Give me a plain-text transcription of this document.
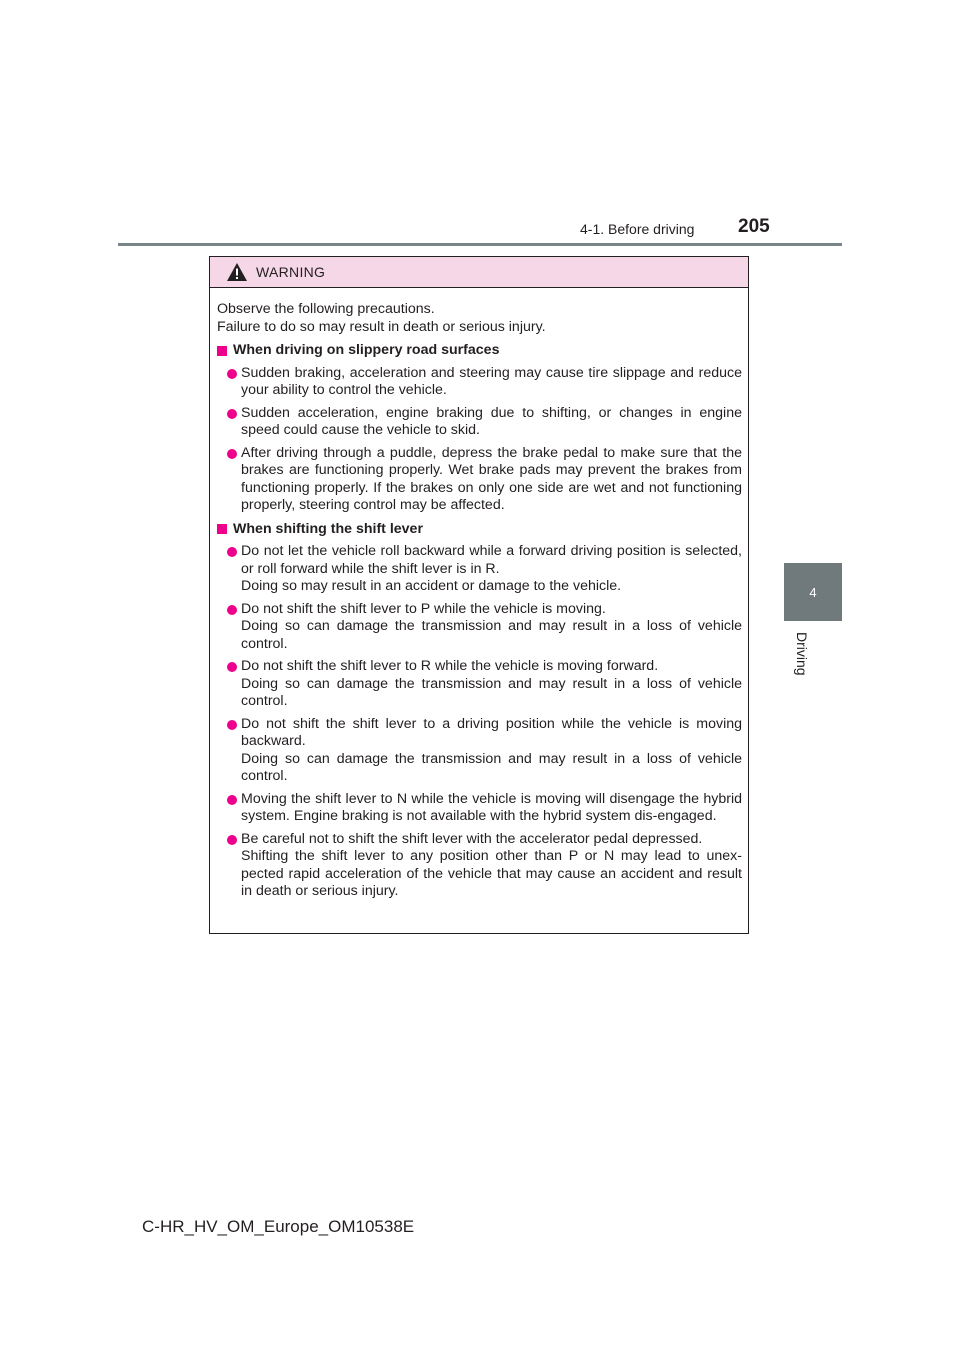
4-1. Before driving 205
4
Driving
WARNING
Observe the following precautions.
Failure to do so may result in death or serious injury.
When driving on slippery road surfaces
Sudden braking, acceleration and steering may cause tire slippage and reduce your ability to control the vehicle.
Sudden acceleration, engine braking due to shifting, or changes in engine speed could cause the vehicle to skid.
After driving through a puddle, depress the brake pedal to make sure that the brakes are functioning properly. Wet brake pads may prevent the brakes from functioning properly. If the brakes on only one side are wet and not functioning properly, steering control may be affected.
When shifting the shift lever
Do not let the vehicle roll backward while a forward driving position is selected, or roll forward while the shift lever is in R.
Doing so may result in an accident or damage to the vehicle.
Do not shift the shift lever to P while the vehicle is moving.
Doing so can damage the transmission and may result in a loss of vehicle control.
Do not shift the shift lever to R while the vehicle is moving forward.
Doing so can damage the transmission and may result in a loss of vehicle control.
Do not shift the shift lever to a driving position while the vehicle is moving backward.
Doing so can damage the transmission and may result in a loss of vehicle control.
Moving the shift lever to N while the vehicle is moving will disengage the hybrid system. Engine braking is not available with the hybrid system dis-engaged.
Be careful not to shift the shift lever with the accelerator pedal depressed.
Shifting the shift lever to any position other than P or N may lead to unex-pected rapid acceleration of the vehicle that may cause an accident and result in death or serious injury.
C-HR_HV_OM_Europe_OM10538E
